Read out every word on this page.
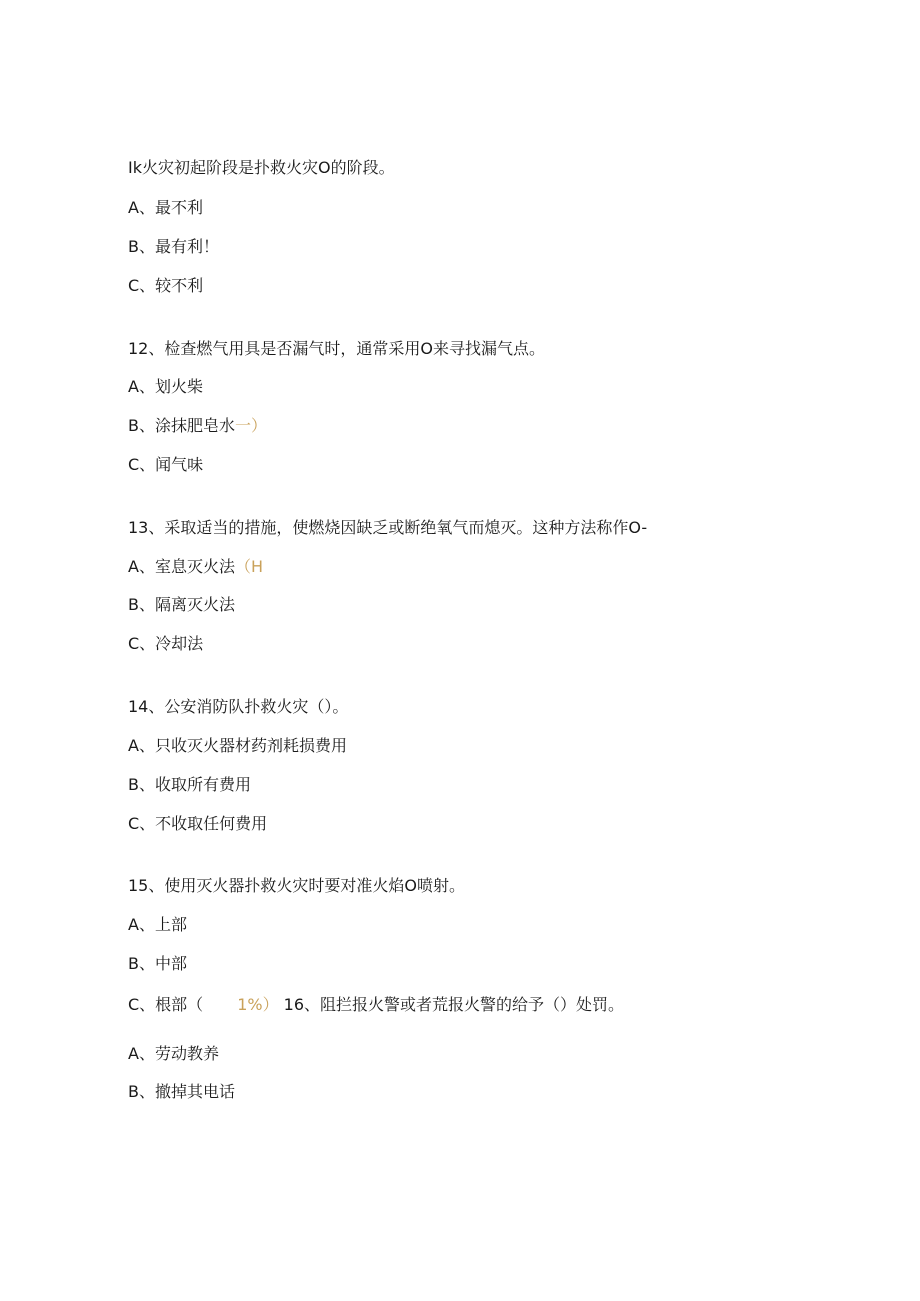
Ik火灾初起阶段是扑救火灾O的阶段。
A、最不利
B、最有利！
C、较不利
12、检查燃气用具是否漏气时，通常采用O来寻找漏气点。
A、划火柴
B、涂抹肥皂水一）
C、闻气味
13、采取适当的措施，使燃烧因缺乏或断绝氧气而熄灭。这种方法称作O-
A、室息灭火法（H
B、隔离灭火法
C、冷却法
14、公安消防队扑救火灾（）。
A、只收灭火器材药剂耗损费用
B、收取所有费用
C、不收取任何费用
15、使用灭火器扑救火灾时要对准火焰O喷射。
A、上部
B、中部
C、根部（ 1%） 16、阻拦报火警或者荒报火警的给予（）处罚。
A、劳动教养
B、撤掉其电话
